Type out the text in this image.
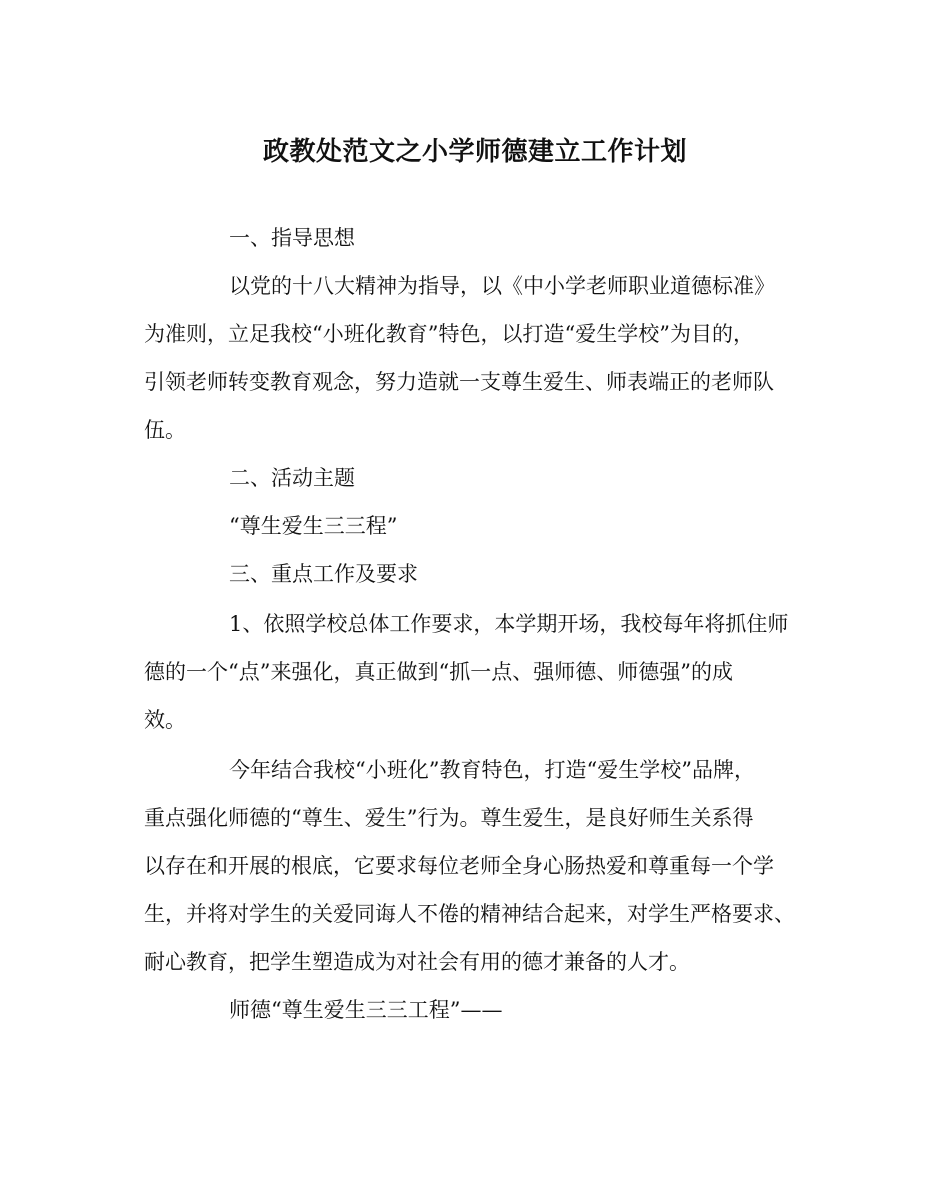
政教处范文之小学师德建立工作计划
一、指导思想
以党的十八大精神为指导，以《中小学老师职业道德标准》
为准则，立足我校“小班化教育”特色，以打造“爱生学校”为目的，
引领老师转变教育观念，努力造就一支尊生爱生、师表端正的老师队
伍。
二、活动主题
“尊生爱生三三程”
三、重点工作及要求
1、依照学校总体工作要求，本学期开场，我校每年将抓住师
德的一个“点”来强化，真正做到“抓一点、强师德、师德强”的成
效。
今年结合我校“小班化”教育特色，打造“爱生学校”品牌，
重点强化师德的“尊生、爱生”行为。尊生爱生，是良好师生关系得
以存在和开展的根底，它要求每位老师全身心肠热爱和尊重每一个学
生，并将对学生的关爱同诲人不倦的精神结合起来，对学生严格要求、
耐心教育，把学生塑造成为对社会有用的德才兼备的人才。
师德“尊生爱生三三工程”——
